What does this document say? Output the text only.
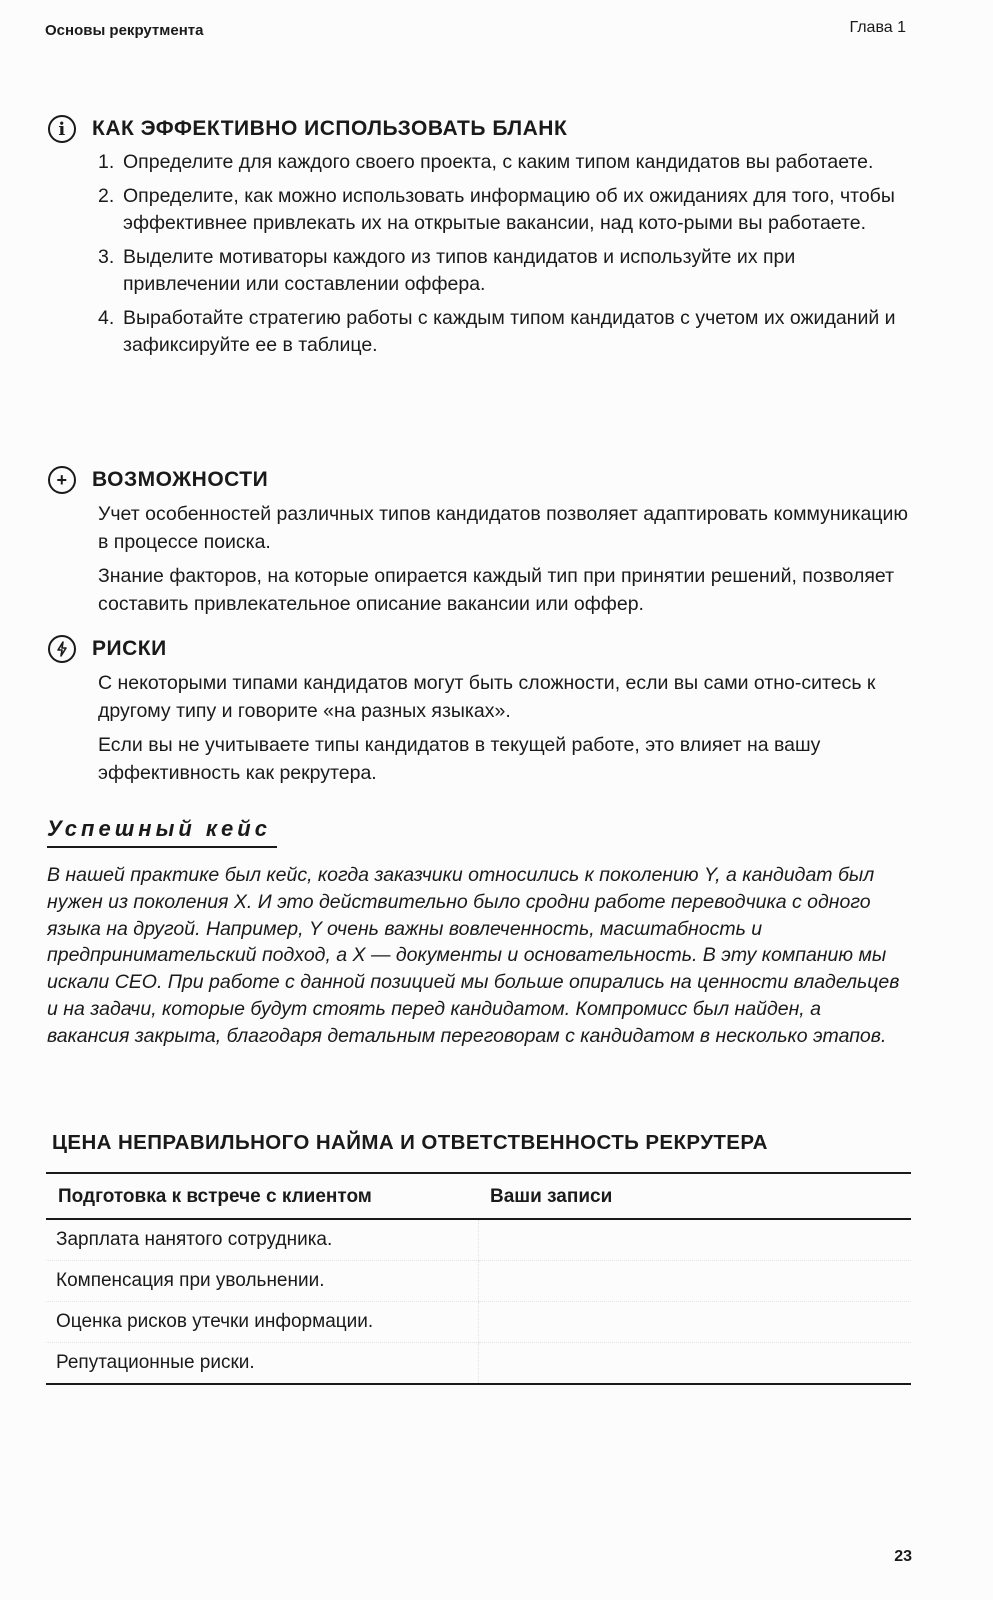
Основы рекрутмента	Глава 1
i	КАК ЭФФЕКТИВНО ИСПОЛЬЗОВАТЬ БЛАНК
1. Определите для каждого своего проекта, с каким типом кандидатов вы работаете.
2. Определите, как можно использовать информацию об их ожиданиях для того, чтобы эффективнее привлекать их на открытые вакансии, над кото-рыми вы работаете.
3. Выделите мотиваторы каждого из типов кандидатов и используйте их при привлечении или составлении оффера.
4. Выработайте стратегию работы с каждым типом кандидатов с учетом их ожиданий и зафиксируйте ее в таблице.
+	ВОЗМОЖНОСТИ

Учет особенностей различных типов кандидатов позволяет адаптировать коммуникацию в процессе поиска.

Знание факторов, на которые опирается каждый тип при принятии решений, позволяет составить привлекательное описание вакансии или оффер.

РИСКИ

С некоторыми типами кандидатов могут быть сложности, если вы сами отно-ситесь к другому типу и говорите «на разных языках».

Если вы не учитываете типы кандидатов в текущей работе, это влияет на вашу эффективность как рекрутера.

Успешный кейс
В нашей практике был кейс, когда заказчики относились к поколению Y, а кандидат был нужен из поколения X. И это действительно было сродни работе переводчика с одного языка на другой. Например, Y очень важны вовлеченность, масштабность и предпринимательский подход, а X — документы и основательность. В эту компанию мы искали CEO. При работе с данной позицией мы больше опирались на ценности владельцев и на задачи, которые будут стоять перед кандидатом. Компромисс был найден, а вакансия закрыта, благодаря детальным переговорам с кандидатом в несколько этапов.
ЦЕНА НЕПРАВИЛЬНОГО НАЙМА И ОТВЕТСТВЕННОСТЬ РЕКРУТЕРА
Подготовка к встрече с клиентом	Ваши записи
Зарплата нанятого сотрудника.	
Компенсация при увольнении.	
Оценка рисков утечки информации.	
Репутационные риски.	
23
